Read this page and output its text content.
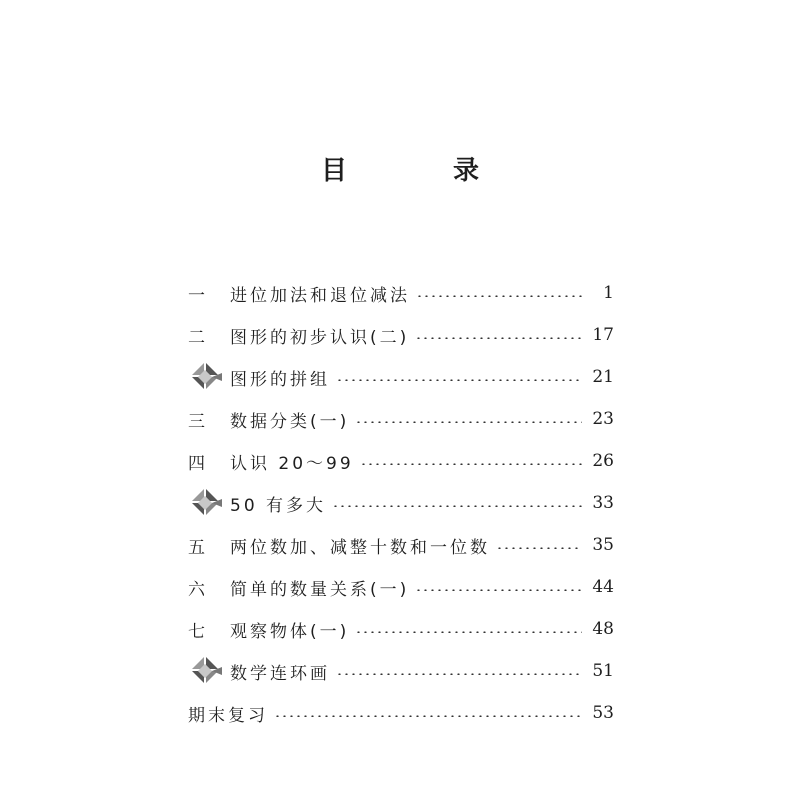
目　录
一	进位加法和退位减法	1
二	图形的初步认识(二)	17
图形的拼组	21
三	数据分类(一)	23
四	认识 20～99	26
50 有多大	33
五	两位数加、减整十数和一位数	35
六	简单的数量关系(一)	44
七	观察物体(一)	48
数学连环画	51
期末复习	53
